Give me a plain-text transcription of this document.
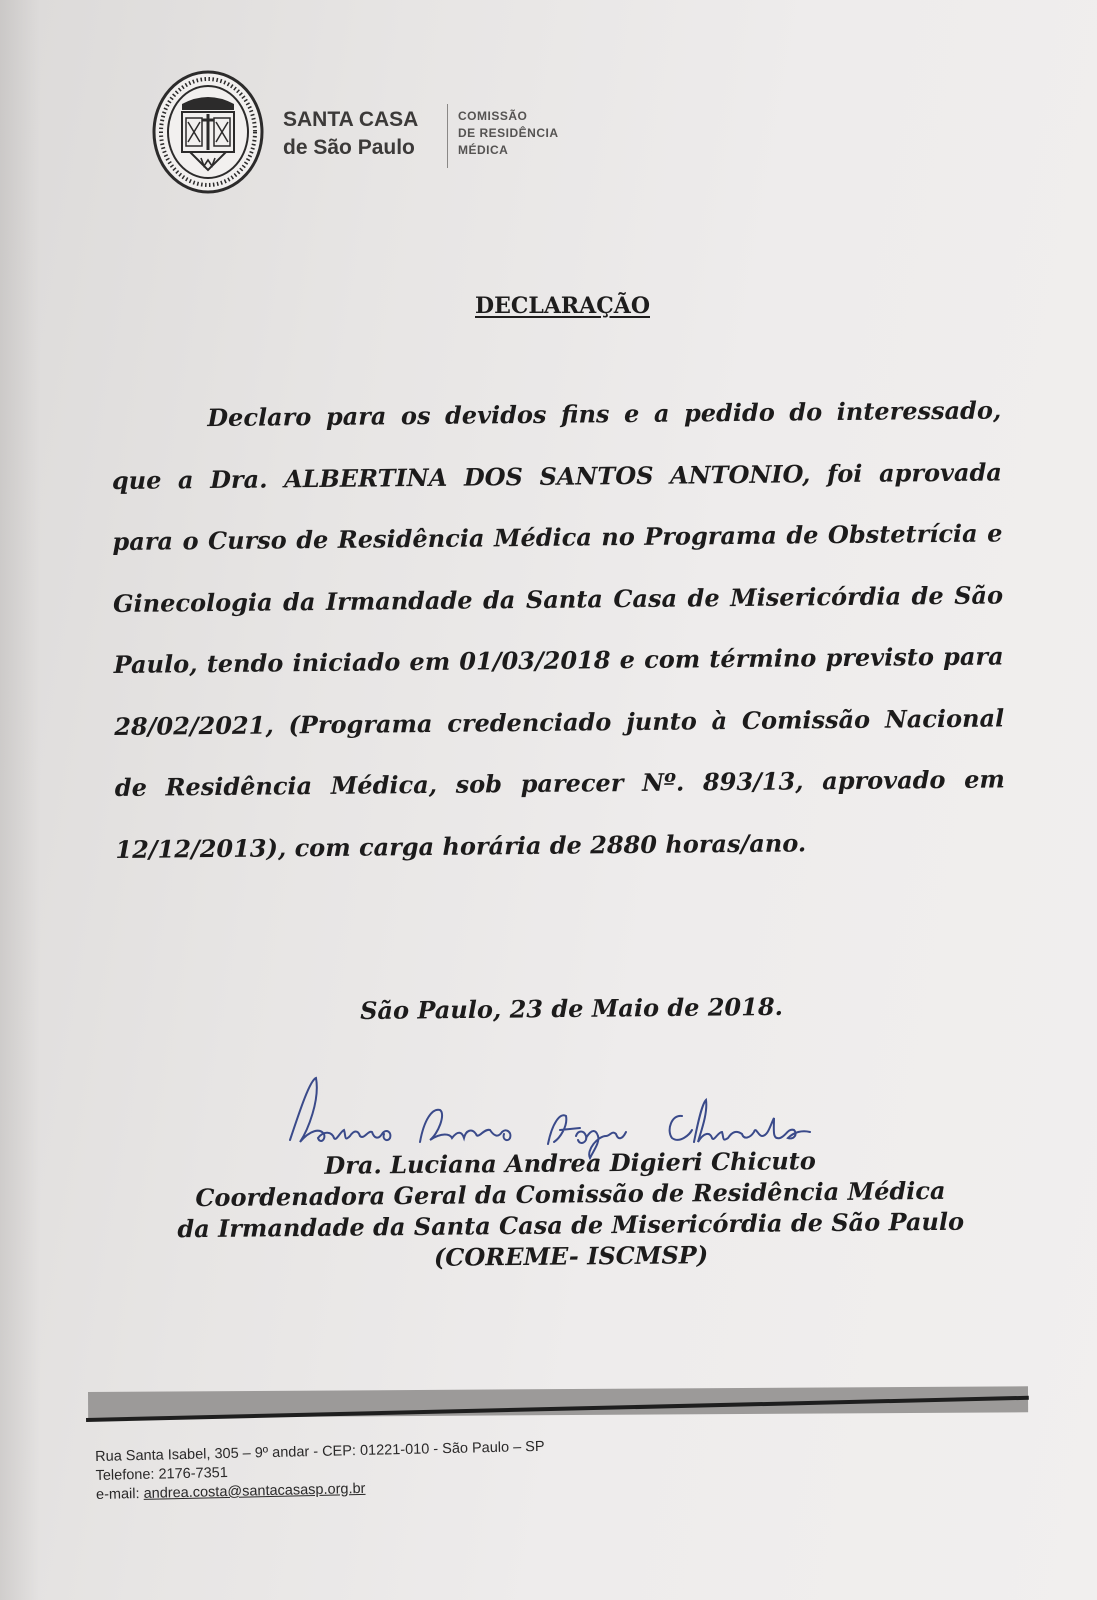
SANTA CASA
de São Paulo
COMISSÃO
DE RESIDÊNCIA
MÉDICA
DECLARAÇÃO

Declaro para os devidos fins e a pedido do interessado, que a Dra. ALBERTINA DOS SANTOS ANTONIO, foi aprovada para o Curso de Residência Médica no Programa de Obstetrícia e Ginecologia da Irmandade da Santa Casa de Misericórdia de São Paulo, tendo iniciado em 01/03/2018 e com término previsto para 28/02/2021, (Programa credenciado junto à Comissão Nacional de Residência Médica, sob parecer Nº. 893/13, aprovado em 12/12/2013), com carga horária de 2880 horas/ano.

São Paulo, 23 de Maio de 2018.
Dra. Luciana Andrea Digieri Chicuto
Coordenadora Geral da Comissão de Residência Médica
da Irmandade da Santa Casa de Misericórdia de São Paulo
(COREME- ISCMSP)
Rua Santa Isabel, 305 – 9º andar - CEP: 01221-010 - São Paulo – SP
Telefone: 2176-7351
e-mail: andrea.costa@santacasasp.org.br
